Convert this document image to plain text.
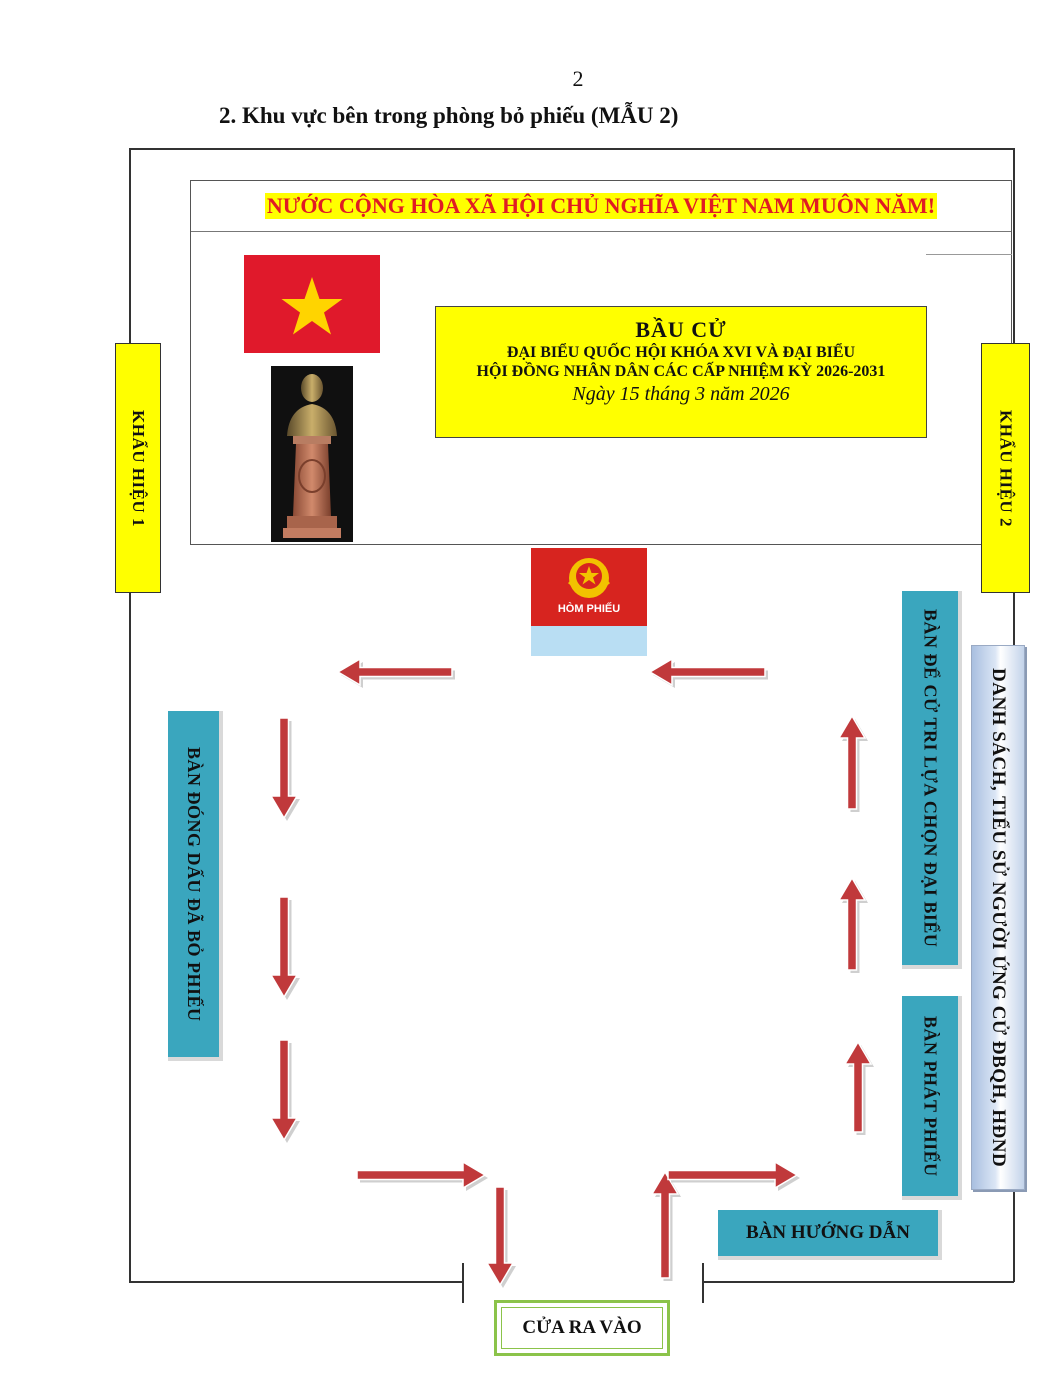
2
2. Khu vực bên trong phòng bỏ phiếu (MẪU 2)
NƯỚC CỘNG HÒA XÃ HỘI CHỦ NGHĨA VIỆT NAM MUÔN NĂM!
BẦU CỬ
ĐẠI BIỂU QUỐC HỘI KHÓA XVI VÀ ĐẠI BIỂU
HỘI ĐỒNG NHÂN DÂN CÁC CẤP NHIỆM KỲ 2026-2031
Ngày 15 tháng 3 năm 2026
KHẨU HIỆU 1	KHẨU HIỆU 2
HÒM PHIẾU
BÀN ĐÓNG DẤU ĐÃ BỎ PHIẾU	BÀN ĐỂ CỬ TRI LỰA CHỌN ĐẠI BIỂU
BÀN PHÁT PHIẾU	DANH SÁCH, TIỂU SỬ NGƯỜI ỨNG CỬ ĐBQH, HĐND
BÀN HƯỚNG DẪN
CỬA RA VÀO
